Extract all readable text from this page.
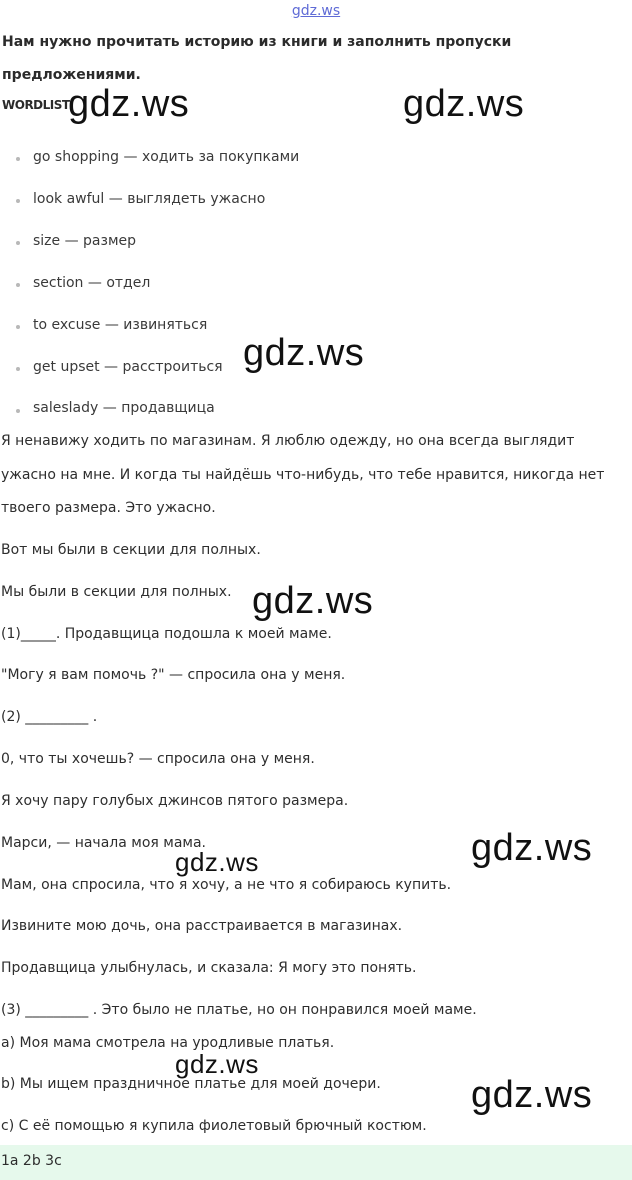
gdz.ws
Нам нужно прочитать историю из книги и заполнить пропуски
предложениями.
WORDLIST
go shopping — ходить за покупками
look awful — выглядеть ужасно
size — размер
section — отдел
to excuse — извиняться
get upset — расстроиться
saleslady — продавщица
Я ненавижу ходить по магазинам. Я люблю одежду, но она всегда выглядит
ужасно на мне. И когда ты найдёшь что-нибудь, что тебе нравится, никогда нет
твоего размера. Это ужасно.
Вот мы были в секции для полных.
Мы были в секции для полных.
(1)_____. Продавщица подошла к моей маме.
"Могу я вам помочь ?" — спросила она у меня.
(2) _________ .
0, что ты хочешь? — спросила она у меня.
Я хочу пару голубых джинсов пятого размера.
Марси, — начала моя мама.
Мам, она спросила, что я хочу, а не что я собираюсь купить.
Извините мою дочь, она расстраивается в магазинах.
Продавщица улыбнулась, и сказала: Я могу это понять.
(3) _________ . Это было не платье, но он понравился моей маме.
a) Моя мама смотрела на уродливые платья.
b) Мы ищем праздничное платье для моей дочери.
c) С её помощью я купила фиолетовый брючный костюм.
1a 2b 3c
gdz.ws	gdz.ws
gdz.ws
gdz.ws
gdz.ws
gdz.ws
gdz.ws
gdz.ws
